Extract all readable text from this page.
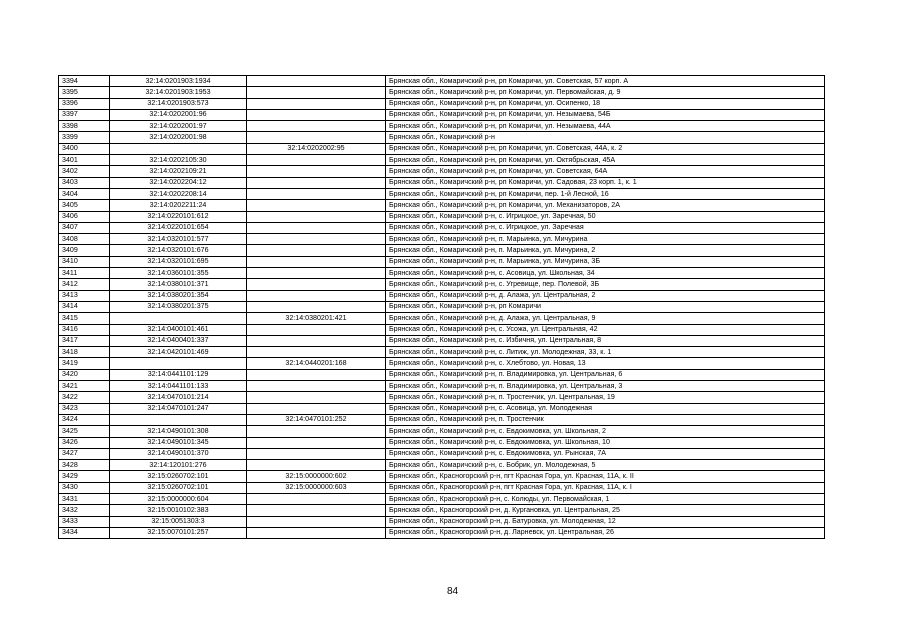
3394	32:14:0201903:1934		Брянская обл., Комаричский р-н, рп Комаричи, ул. Советская, 57 корп. А
3395	32:14:0201903:1953		Брянская обл., Комаричский р-н, рп Комаричи, ул. Первомайская, д. 9
3396	32:14:0201903:573		Брянская обл., Комаричский р-н, рп Комаричи, ул. Осипенко, 18
3397	32:14:0202001:96		Брянская обл., Комаричский р-н, рп Комаричи, ул. Незымаева, 54Б
3398	32:14:0202001:97		Брянская обл., Комаричский р-н, рп Комаричи, ул. Незымаева, 44А
3399	32:14:0202001:98		Брянская обл., Комаричский р-н
3400		32:14:0202002:95	Брянская обл., Комаричский р-н, рп Комаричи, ул. Советская, 44А, к. 2
3401	32:14:0202105:30		Брянская обл., Комаричский р-н, рп Комаричи, ул. Октябрьская, 45А
3402	32:14:0202109:21		Брянская обл., Комаричский р-н, рп Комаричи, ул. Советская, 64А
3403	32:14:0202204:12		Брянская обл., Комаричский р-н, рп Комаричи, ул. Садовая, 23 корп. 1, к. 1
3404	32:14:0202208:14		Брянская обл., Комаричский р-н, рп Комаричи, пер. 1-й Лесной, 16
3405	32:14:0202211:24		Брянская обл., Комаричский р-н, рп Комаричи, ул. Механизаторов, 2А
3406	32:14:0220101:612		Брянская обл., Комаричский р-н, с. Игрицкое, ул. Заречная, 50
3407	32:14:0220101:654		Брянская обл., Комаричский р-н, с. Игрицкое, ул. Заречная
3408	32:14:0320101:577		Брянская обл., Комаричский р-н, п. Марьинка, ул. Мичурина
3409	32:14:0320101:676		Брянская обл., Комаричский р-н, п. Марьинка, ул. Мичурина, 2
3410	32:14:0320101:695		Брянская обл., Комаричский р-н, п. Марьинка, ул. Мичурина, 3Б
3411	32:14:0360101:355		Брянская обл., Комаричский р-н, с. Асовица, ул. Школьная, 34
3412	32:14:0380101:371		Брянская обл., Комаричский р-н, с. Угревище, пер. Полевой, 3Б
3413	32:14:0380201:354		Брянская обл., Комаричский р-н, д. Алажа, ул. Центральная, 2
3414	32:14:0380201:375		Брянская обл., Комаричский р-н, рп Комаричи
3415		32:14:0380201:421	Брянская обл., Комаричский р-н, д. Алажа, ул. Центральная, 9
3416	32:14:0400101:461		Брянская обл., Комаричский р-н, с. Усожа, ул. Центральная, 42
3417	32:14:0400401:337		Брянская обл., Комаричский р-н, с. Избичня, ул. Центральная, 8
3418	32:14:0420101:469		Брянская обл., Комаричский р-н, с. Литиж, ул. Молодежная, 33, к. 1
3419		32:14:0440201:168	Брянская обл., Комаричский р-н, с. Хлебтово, ул. Новая, 13
3420	32:14:0441101:129		Брянская обл., Комаричский р-н, п. Владимировка, ул. Центральная, 6
3421	32:14:0441101:133		Брянская обл., Комаричский р-н, п. Владимировка, ул. Центральная, 3
3422	32:14:0470101:214		Брянская обл., Комаричский р-н, п. Тростенчик, ул. Центральная, 19
3423	32:14:0470101:247		Брянская обл., Комаричский р-н, с. Асовица, ул. Молодежная
3424		32:14:0470101:252	Брянская обл., Комаричский р-н, п. Тростенчик
3425	32:14:0490101:308		Брянская обл., Комаричский р-н, с. Евдокимовка, ул. Школьная, 2
3426	32:14:0490101:345		Брянская обл., Комаричский р-н, с. Евдокимовка, ул. Школьная, 10
3427	32:14:0490101:370		Брянская обл., Комаричский р-н, с. Евдокимовка, ул. Рынская, 7А
3428	32:14:120101:276		Брянская обл., Комаричский р-н, с. Бобрик, ул. Молодежная, 5
3429	32:15:0260702:101	32:15:0000000:602	Брянская обл., Красногорский р-н, пгт Красная Гора, ул. Красная, 11А, к. II
3430	32:15:0260702:101	32:15:0000000:603	Брянская обл., Красногорский р-н, пгт Красная Гора, ул. Красная, 11А, к. I
3431	32:15:0000000:604		Брянская обл., Красногорский р-н, с. Колюды, ул. Первомайская, 1
3432	32:15:0010102:383		Брянская обл., Красногорский р-н, д. Кургановка, ул. Центральная, 25
3433	32:15:0051303:3		Брянская обл., Красногорский р-н, д. Батуровка, ул. Молодежная, 12
3434	32:15:0070101:257		Брянская обл., Красногорский р-н, д. Ларневск, ул. Центральная, 26
84
